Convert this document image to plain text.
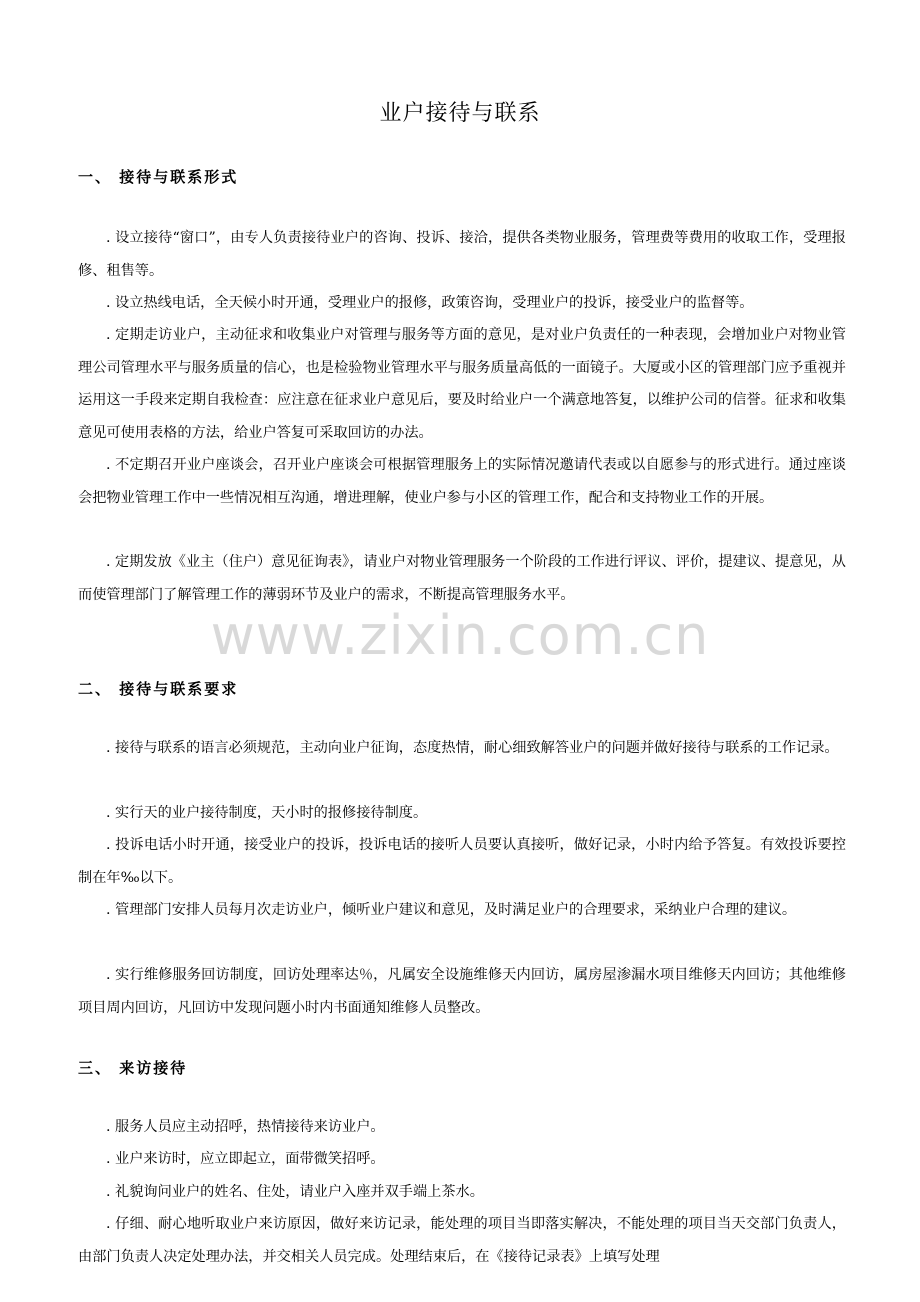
业户接待与联系
一、 接待与联系形式

. 设立接待“窗口”，由专人负责接待业户的咨询、投诉、接洽，提供各类物业服务，管理费等费用的收取工作，受理报修、租售等。

. 设立热线电话，全天候小时开通，受理业户的报修，政策咨询，受理业户的投诉，接受业户的监督等。

. 定期走访业户，主动征求和收集业户对管理与服务等方面的意见，是对业户负责任的一种表现，会增加业户对物业管理公司管理水平与服务质量的信心，也是检验物业管理水平与服务质量高低的一面镜子。大厦或小区的管理部门应予重视并运用这一手段来定期自我检查：应注意在征求业户意见后，要及时给业户一个满意地答复，以维护公司的信誉。征求和收集意见可使用表格的方法，给业户答复可采取回访的办法。

. 不定期召开业户座谈会，召开业户座谈会可根据管理服务上的实际情况邀请代表或以自愿参与的形式进行。通过座谈会把物业管理工作中一些情况相互沟通，增进理解，使业户参与小区的管理工作，配合和支持物业工作的开展。

. 定期发放《业主（住户）意见征询表》，请业户对物业管理服务一个阶段的工作进行评议、评价，提建议、提意见，从而使管理部门了解管理工作的薄弱环节及业户的需求，不断提高管理服务水平。

www.zixin.com.cn
二、 接待与联系要求

. 接待与联系的语言必须规范，主动向业户征询，态度热情，耐心细致解答业户的问题并做好接待与联系的工作记录。

. 实行天的业户接待制度，天小时的报修接待制度。

. 投诉电话小时开通，接受业户的投诉，投诉电话的接听人员要认真接听，做好记录，小时内给予答复。有效投诉要控制在年‰以下。

. 管理部门安排人员每月次走访业户，倾听业户建议和意见，及时满足业户的合理要求，采纳业户合理的建议。

. 实行维修服务回访制度，回访处理率达％，凡属安全设施维修天内回访，属房屋渗漏水项目维修天内回访；其他维修项目周内回访，凡回访中发现问题小时内书面通知维修人员整改。

三、 来访接待

. 服务人员应主动招呼，热情接待来访业户。

. 业户来访时，应立即起立，面带微笑招呼。

. 礼貌询问业户的姓名、住处，请业户入座并双手端上茶水。

. 仔细、耐心地听取业户来访原因，做好来访记录，能处理的项目当即落实解决，不能处理的项目当天交部门负责人，由部门负责人决定处理办法，并交相关人员完成。处理结束后，在《接待记录表》上填写处理
